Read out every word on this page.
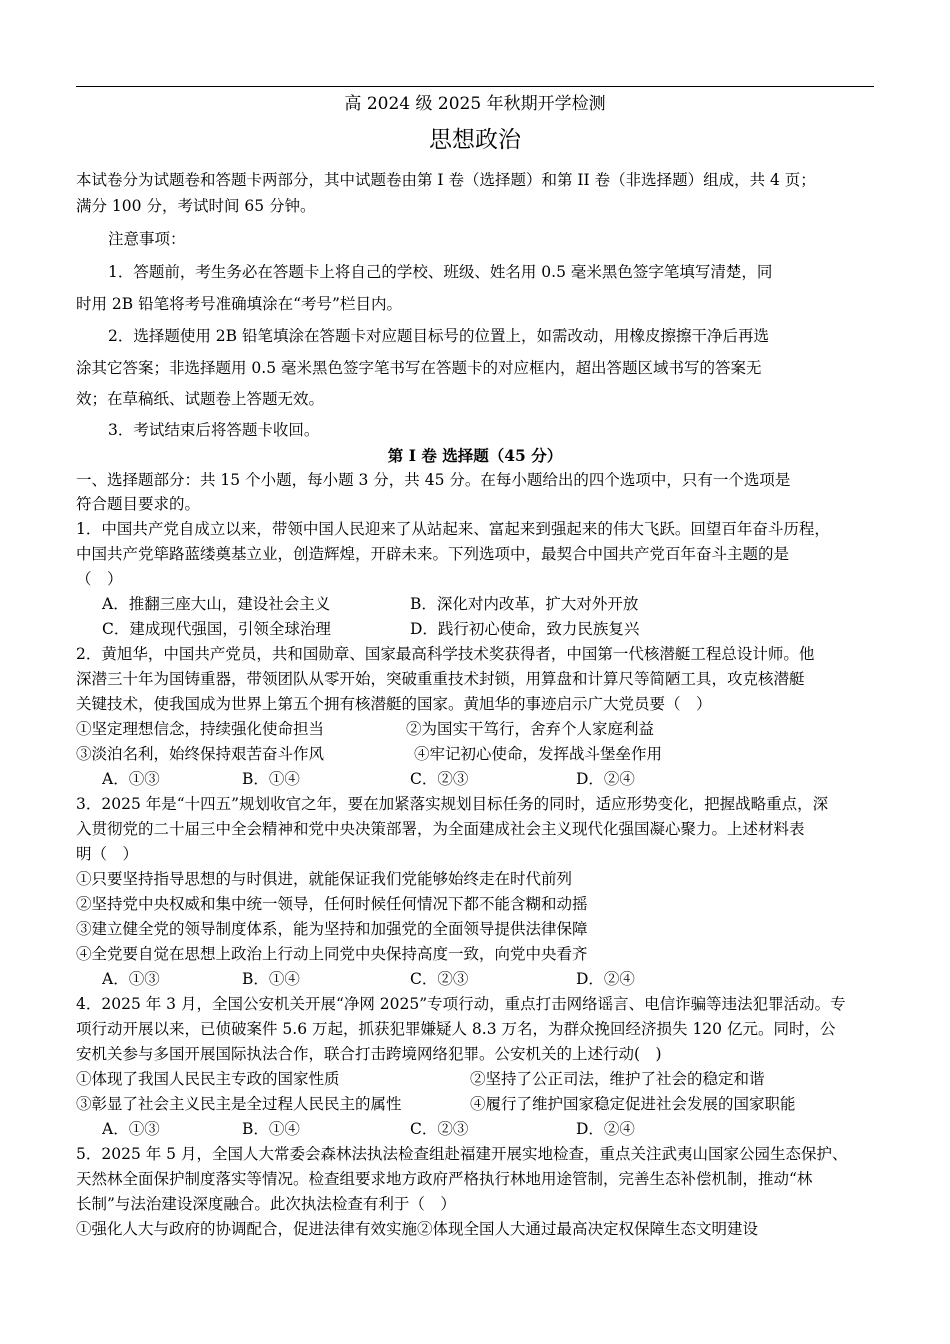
高 2024 级 2025 年秋期开学检测
思想政治
本试卷分为试题卷和答题卡两部分，其中试题卷由第 I 卷（选择题）和第 II 卷（非选择题）组成，共 4 页；
满分 100 分，考试时间 65 分钟。
注意事项：
1．答题前，考生务必在答题卡上将自己的学校、班级、姓名用 0.5 毫米黑色签字笔填写清楚，同
时用 2B 铅笔将考号准确填涂在“考号”栏目内。
2．选择题使用 2B 铅笔填涂在答题卡对应题目标号的位置上，如需改动，用橡皮擦擦干净后再选
涂其它答案；非选择题用 0.5 毫米黑色签字笔书写在答题卡的对应框内，超出答题区域书写的答案无
效；在草稿纸、试题卷上答题无效。
3．考试结束后将答题卡收回。
第 I 卷 选择题（45 分）
一、选择题部分：共 15 个小题，每小题 3 分，共 45 分。在每小题给出的四个选项中，只有一个选项是
符合题目要求的。
1．中国共产党自成立以来，带领中国人民迎来了从站起来、富起来到强起来的伟大飞跃。回望百年奋斗历程，
中国共产党筚路蓝缕奠基立业，创造辉煌，开辟未来。下列选项中，最契合中国共产党百年奋斗主题的是
（　）
A．推翻三座大山，建设社会主义	B．深化对内改革，扩大对外开放
C．建成现代强国，引领全球治理	D．践行初心使命，致力民族复兴
2．黄旭华，中国共产党员，共和国勋章、国家最高科学技术奖获得者，中国第一代核潜艇工程总设计师。他
深潜三十年为国铸重器，带领团队从零开始，突破重重技术封锁，用算盘和计算尺等简陋工具，攻克核潜艇
关键技术，使我国成为世界上第五个拥有核潜艇的国家。黄旭华的事迹启示广大党员要（　）
①坚定理想信念，持续强化使命担当	②为国实干笃行，舍弃个人家庭利益
③淡泊名利，始终保持艰苦奋斗作风	④牢记初心使命，发挥战斗堡垒作用
A．①③	B．①④	C．②③	D．②④
3．2025 年是“十四五”规划收官之年，要在加紧落实规划目标任务的同时，适应形势变化，把握战略重点，深
入贯彻党的二十届三中全会精神和党中央决策部署，为全面建成社会主义现代化强国凝心聚力。上述材料表
明（　）
①只要坚持指导思想的与时俱进，就能保证我们党能够始终走在时代前列
②坚持党中央权威和集中统一领导，任何时候任何情况下都不能含糊和动摇
③建立健全党的领导制度体系，能为坚持和加强党的全面领导提供法律保障
④全党要自觉在思想上政治上行动上同党中央保持高度一致，向党中央看齐
A．①③	B．①④	C．②③	D．②④
4．2025 年 3 月，全国公安机关开展“净网 2025”专项行动，重点打击网络谣言、电信诈骗等违法犯罪活动。专
项行动开展以来，已侦破案件 5.6 万起，抓获犯罪嫌疑人 8.3 万名，为群众挽回经济损失 120 亿元。同时，公
安机关参与多国开展国际执法合作，联合打击跨境网络犯罪。公安机关的上述行动(　)
①体现了我国人民民主专政的国家性质	②坚持了公正司法，维护了社会的稳定和谐
③彰显了社会主义民主是全过程人民民主的属性	④履行了维护国家稳定促进社会发展的国家职能
A．①③	B．①④	C．②③	D．②④
5．2025 年 5 月，全国人大常委会森林法执法检查组赴福建开展实地检查，重点关注武夷山国家公园生态保护、
天然林全面保护制度落实等情况。检查组要求地方政府严格执行林地用途管制，完善生态补偿机制，推动“林
长制”与法治建设深度融合。此次执法检查有利于（　）
①强化人大与政府的协调配合，促进法律有效实施②体现全国人大通过最高决定权保障生态文明建设
